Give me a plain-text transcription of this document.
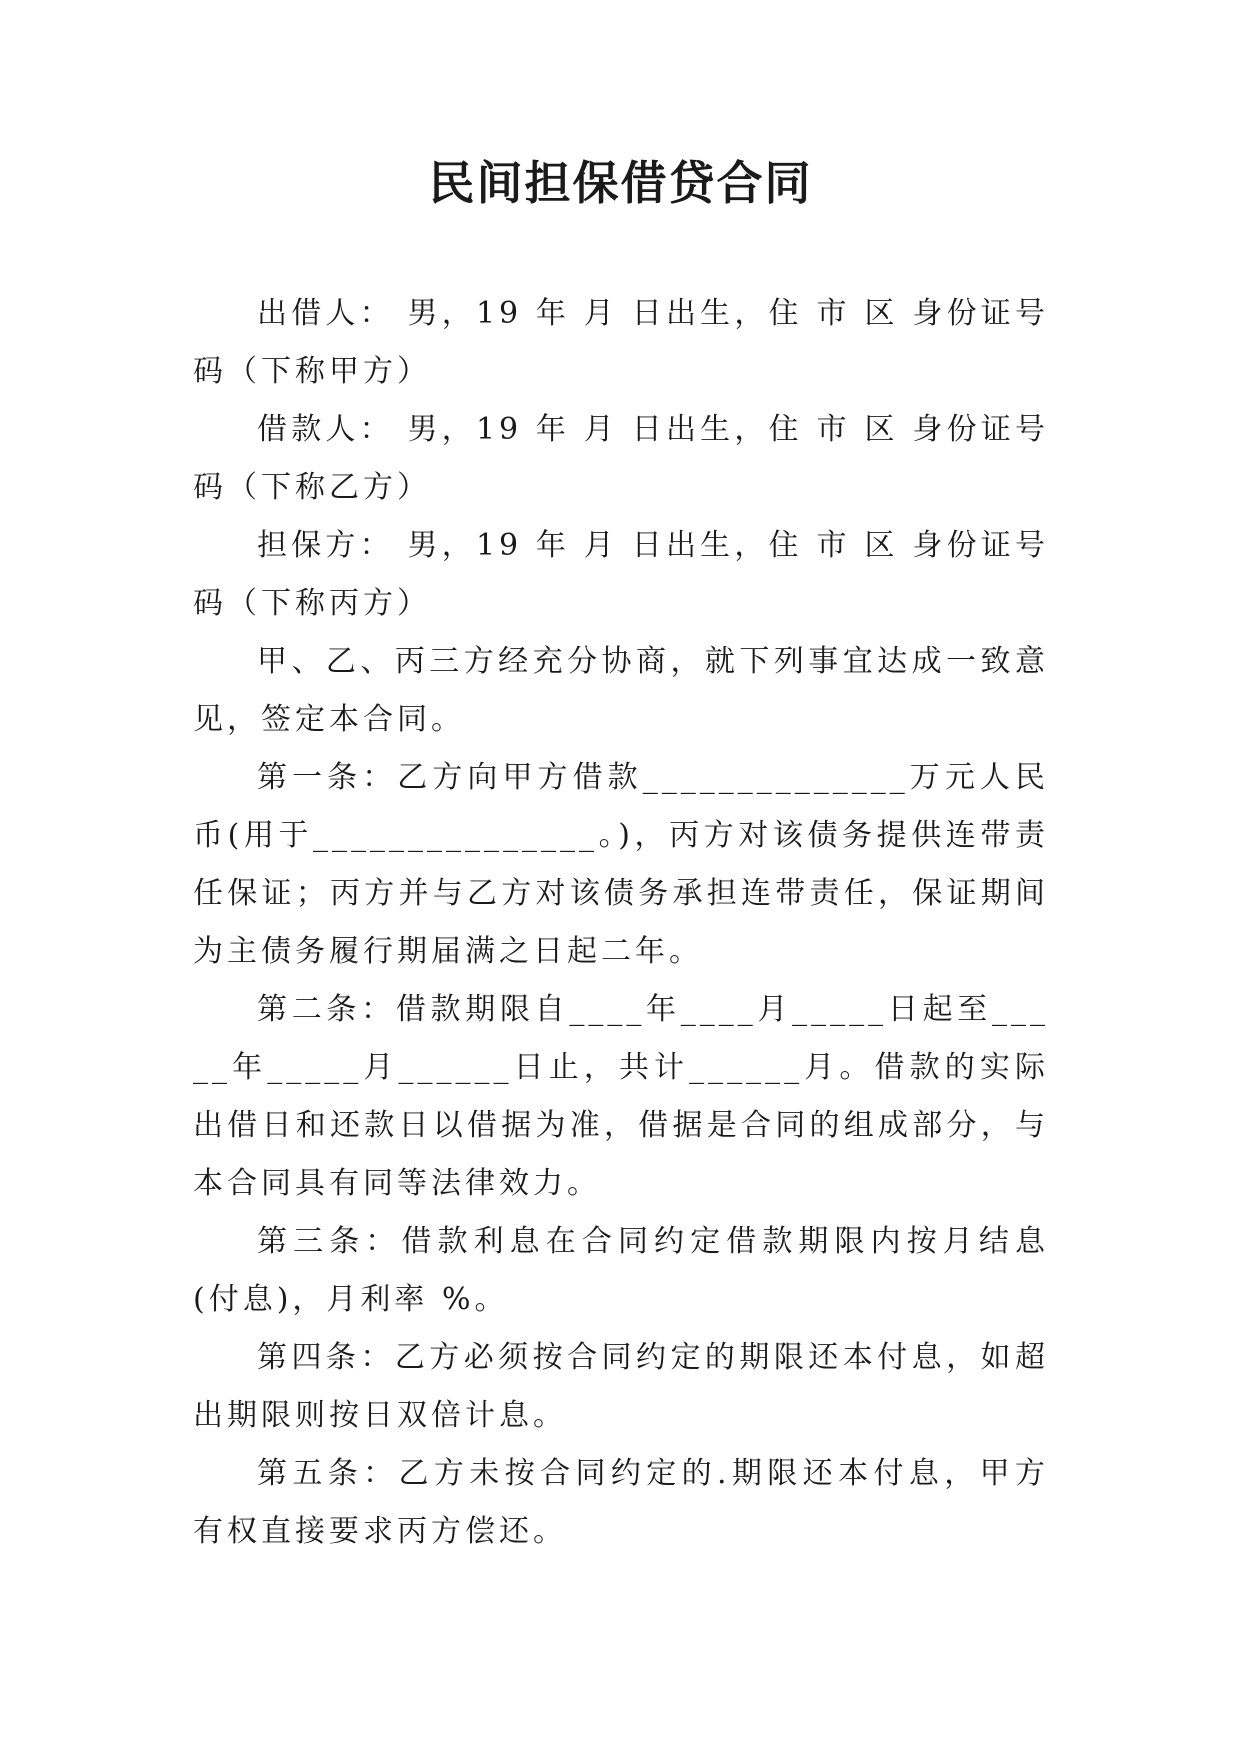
民间担保借贷合同

出借人： 男，19 年 月 日出生，住 市 区 身份证号码（下称甲方）

借款人： 男，19 年 月 日出生，住 市 区 身份证号码（下称乙方）

担保方： 男，19 年 月 日出生，住 市 区 身份证号码（下称丙方）

甲、乙、丙三方经充分协商，就下列事宜达成一致意见，签定本合同。

第一条：乙方向甲方借款______________万元人民币(用于_______________。)，丙方对该债务提供连带责任保证；丙方并与乙方对该债务承担连带责任，保证期间为主债务履行期届满之日起二年。

第二条：借款期限自____年____月_____日起至_____年_____月______日止，共计______月。借款的实际出借日和还款日以借据为准，借据是合同的组成部分，与本合同具有同等法律效力。

第三条：借款利息在合同约定借款期限内按月结息(付息)，月利率 %。

第四条：乙方必须按合同约定的期限还本付息，如超出期限则按日双倍计息。

第五条：乙方未按合同约定的.期限还本付息，甲方有权直接要求丙方偿还。
